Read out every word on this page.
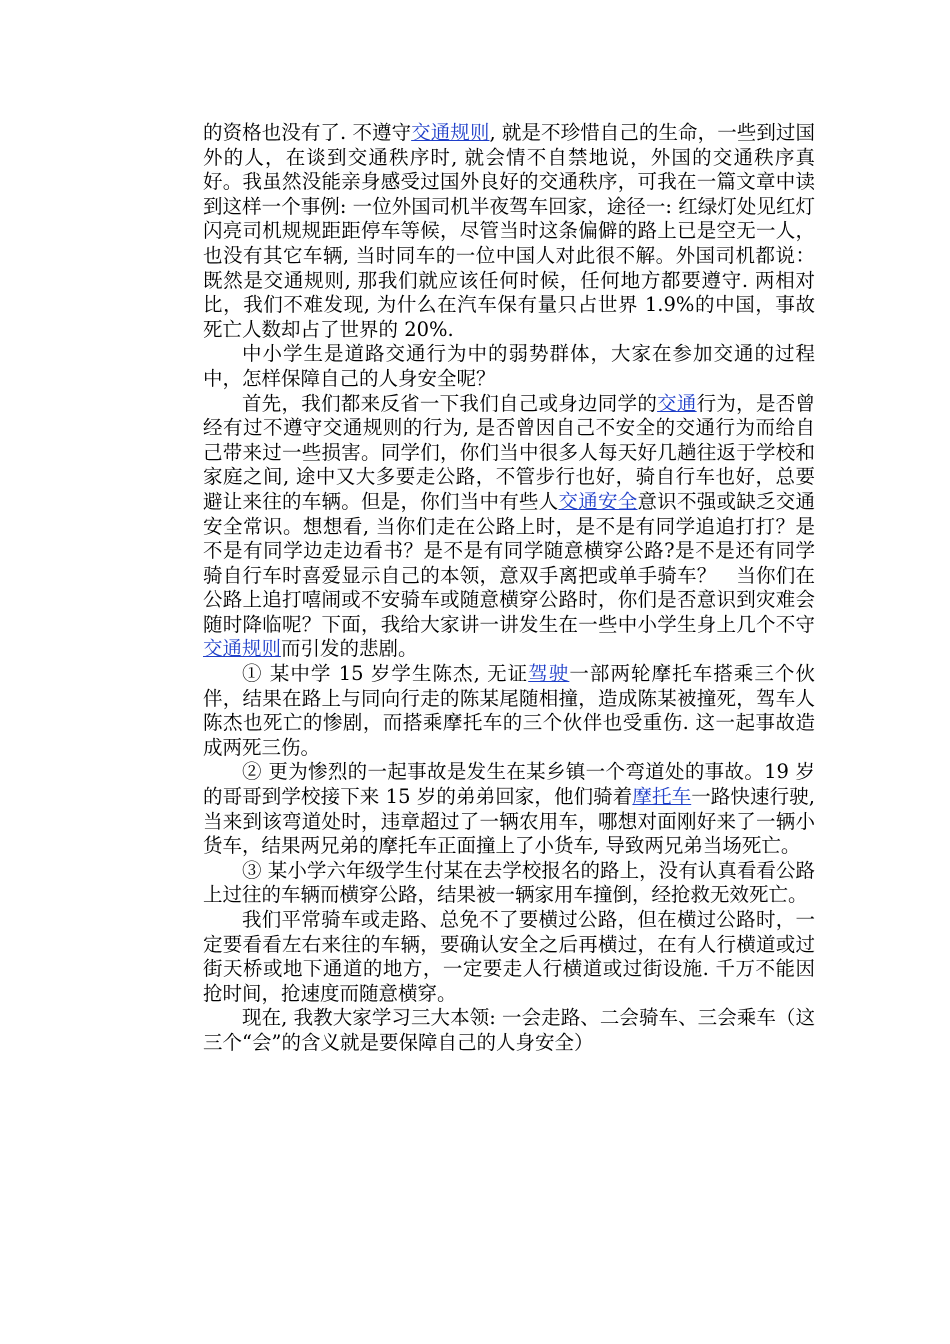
的资格也没有了. 不遵守交通规则, 就是不珍惜自己的生命，一些到过国外的人，在谈到交通秩序时, 就会情不自禁地说，外国的交通秩序真好。我虽然没能亲身感受过国外良好的交通秩序，可我在一篇文章中读到这样一个事例: 一位外国司机半夜驾车回家，途径一: 红绿灯处见红灯闪亮司机规规距距停车等候，尽管当时这条偏僻的路上已是空无一人，也没有其它车辆, 当时同车的一位中国人对此很不解。外国司机都说：既然是交通规则, 那我们就应该任何时候，任何地方都要遵守. 两相对比，我们不难发现, 为什么在汽车保有量只占世界 1.9%的中国，事故死亡人数却占了世界的 20%.

中小学生是道路交通行为中的弱势群体，大家在参加交通的过程中，怎样保障自己的人身安全呢？

首先，我们都来反省一下我们自己或身边同学的交通行为，是否曾经有过不遵守交通规则的行为, 是否曾因自己不安全的交通行为而给自己带来过一些损害。同学们，你们当中很多人每天好几趟往返于学校和家庭之间, 途中又大多要走公路，不管步行也好，骑自行车也好，总要避让来往的车辆。但是，你们当中有些人交通安全意识不强或缺乏交通安全常识。想想看, 当你们走在公路上时，是不是有同学追追打打？是不是有同学边走边看书？是不是有同学随意横穿公路?是不是还有同学骑自行车时喜爱显示自己的本领，意双手离把或单手骑车？　当你们在公路上追打嘻闹或不安骑车或随意横穿公路时，你们是否意识到灾难会随时降临呢？下面，我给大家讲一讲发生在一些中小学生身上几个不守交通规则而引发的悲剧。

① 某中学 15 岁学生陈杰, 无证驾驶一部两轮摩托车搭乘三个伙伴，结果在路上与同向行走的陈某尾随相撞，造成陈某被撞死，驾车人陈杰也死亡的惨剧，而搭乘摩托车的三个伙伴也受重伤. 这一起事故造成两死三伤。

② 更为惨烈的一起事故是发生在某乡镇一个弯道处的事故。19 岁的哥哥到学校接下来 15 岁的弟弟回家，他们骑着摩托车一路快速行驶, 当来到该弯道处时，违章超过了一辆农用车，哪想对面刚好来了一辆小货车，结果两兄弟的摩托车正面撞上了小货车, 导致两兄弟当场死亡。

③ 某小学六年级学生付某在去学校报名的路上，没有认真看看公路上过往的车辆而横穿公路，结果被一辆家用车撞倒，经抢救无效死亡。

我们平常骑车或走路、总免不了要横过公路，但在横过公路时，一定要看看左右来往的车辆，要确认安全之后再横过，在有人行横道或过街天桥或地下通道的地方，一定要走人行横道或过街设施. 千万不能因抢时间，抢速度而随意横穿。

现在, 我教大家学习三大本领: 一会走路、二会骑车、三会乘车（这三个“会”的含义就是要保障自己的人身安全）
